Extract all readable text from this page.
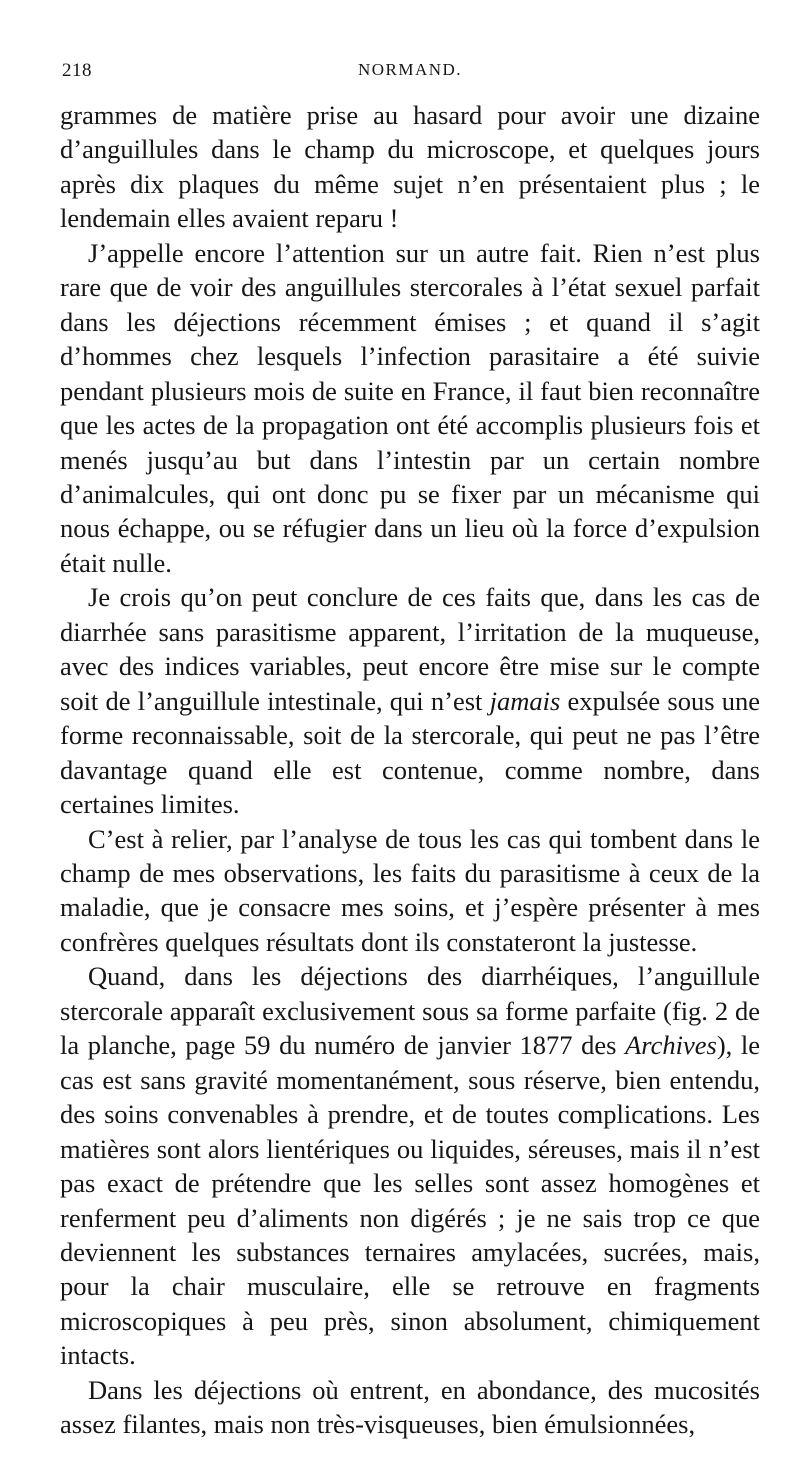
218	NORMAND.

grammes de matière prise au hasard pour avoir une dizaine d’anguillules dans le champ du microscope, et quelques jours après dix plaques du même sujet n’en présentaient plus ; le lendemain elles avaient reparu !

J’appelle encore l’attention sur un autre fait. Rien n’est plus rare que de voir des anguillules stercorales à l’état sexuel parfait dans les déjections récemment émises ; et quand il s’agit d’hommes chez lesquels l’infection parasitaire a été suivie pendant plusieurs mois de suite en France, il faut bien reconnaître que les actes de la propagation ont été accomplis plusieurs fois et menés jusqu’au but dans l’intestin par un certain nombre d’animalcules, qui ont donc pu se fixer par un mécanisme qui nous échappe, ou se réfugier dans un lieu où la force d’expulsion était nulle.

Je crois qu’on peut conclure de ces faits que, dans les cas de diarrhée sans parasitisme apparent, l’irritation de la muqueuse, avec des indices variables, peut encore être mise sur le compte soit de l’anguillule intestinale, qui n’est jamais expulsée sous une forme reconnaissable, soit de la stercorale, qui peut ne pas l’être davantage quand elle est contenue, comme nombre, dans certaines limites.

C’est à relier, par l’analyse de tous les cas qui tombent dans le champ de mes observations, les faits du parasitisme à ceux de la maladie, que je consacre mes soins, et j’espère présenter à mes confrères quelques résultats dont ils constateront la justesse.

Quand, dans les déjections des diarrhéiques, l’anguillule stercorale apparaît exclusivement sous sa forme parfaite (fig. 2 de la planche, page 59 du numéro de janvier 1877 des Archives), le cas est sans gravité momentanément, sous réserve, bien entendu, des soins convenables à prendre, et de toutes complications. Les matières sont alors lientériques ou liquides, séreuses, mais il n’est pas exact de prétendre que les selles sont assez homogènes et renferment peu d’aliments non digérés ; je ne sais trop ce que deviennent les substances ternaires amylacées, sucrées, mais, pour la chair musculaire, elle se retrouve en fragments microscopiques à peu près, sinon absolument, chimiquement intacts.

Dans les déjections où entrent, en abondance, des mucosités assez filantes, mais non très-visqueuses, bien émulsionnées,
